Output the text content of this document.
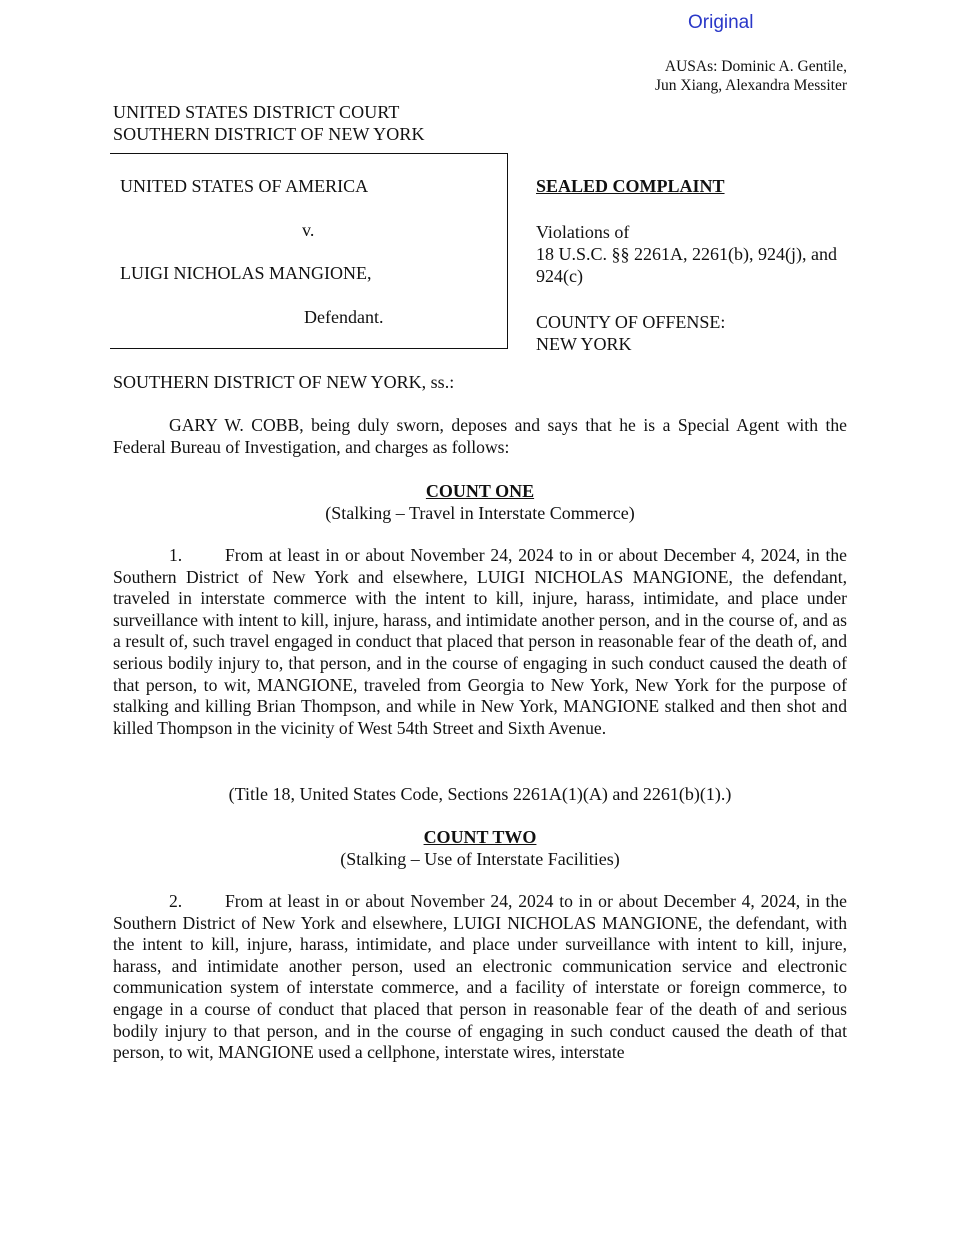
Original
AUSAs: Dominic A. Gentile,
Jun Xiang, Alexandra Messiter
UNITED STATES DISTRICT COURT
SOUTHERN DISTRICT OF NEW YORK
UNITED STATES OF AMERICA
v.
LUIGI NICHOLAS MANGIONE,
Defendant.
SEALED COMPLAINT
Violations of
18 U.S.C. §§ 2261A, 2261(b), 924(j), and
924(c)
COUNTY OF OFFENSE:
NEW YORK
SOUTHERN DISTRICT OF NEW YORK, ss.:
GARY W. COBB, being duly sworn, deposes and says that he is a Special Agent with the Federal Bureau of Investigation, and charges as follows:
COUNT ONE
(Stalking – Travel in Interstate Commerce)
1. From at least in or about November 24, 2024 to in or about December 4, 2024, in the Southern District of New York and elsewhere, LUIGI NICHOLAS MANGIONE, the defendant, traveled in interstate commerce with the intent to kill, injure, harass, intimidate, and place under surveillance with intent to kill, injure, harass, and intimidate another person, and in the course of, and as a result of, such travel engaged in conduct that placed that person in reasonable fear of the death of, and serious bodily injury to, that person, and in the course of engaging in such conduct caused the death of that person, to wit, MANGIONE, traveled from Georgia to New York, New York for the purpose of stalking and killing Brian Thompson, and while in New York, MANGIONE stalked and then shot and killed Thompson in the vicinity of West 54th Street and Sixth Avenue.
(Title 18, United States Code, Sections 2261A(1)(A) and 2261(b)(1).)
COUNT TWO
(Stalking – Use of Interstate Facilities)
2. From at least in or about November 24, 2024 to in or about December 4, 2024, in the Southern District of New York and elsewhere, LUIGI NICHOLAS MANGIONE, the defendant, with the intent to kill, injure, harass, intimidate, and place under surveillance with intent to kill, injure, harass, and intimidate another person, used an electronic communication service and electronic communication system of interstate commerce, and a facility of interstate or foreign commerce, to engage in a course of conduct that placed that person in reasonable fear of the death of and serious bodily injury to that person, and in the course of engaging in such conduct caused the death of that person, to wit, MANGIONE used a cellphone, interstate wires, interstate
